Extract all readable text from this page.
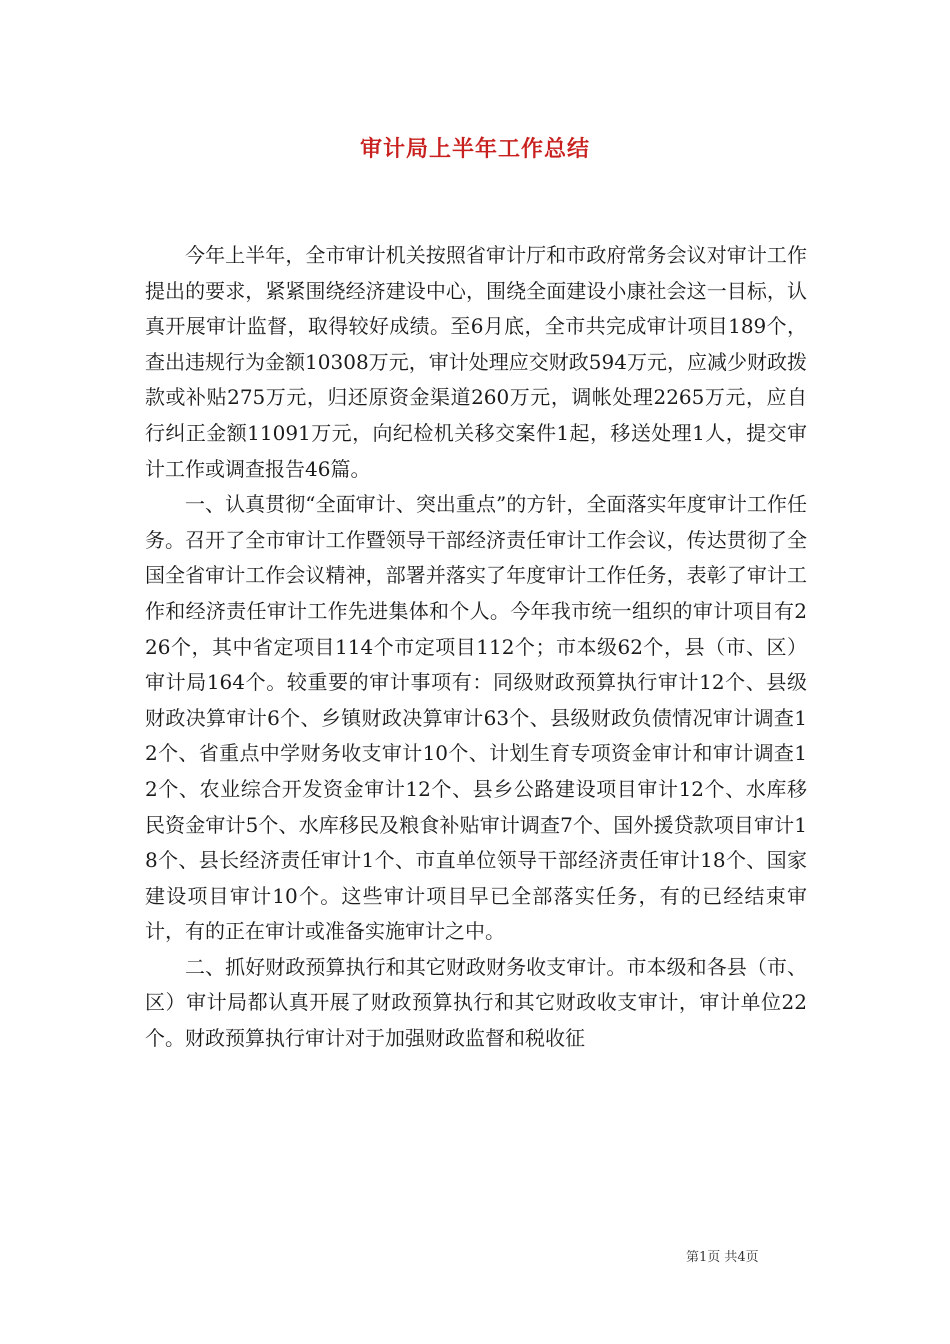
审计局上半年工作总结

今年上半年，全市审计机关按照省审计厅和市政府常务会议对审计工作提出的要求，紧紧围绕经济建设中心，围绕全面建设小康社会这一目标，认真开展审计监督，取得较好成绩。至6月底，全市共完成审计项目189个，查出违规行为金额10308万元，审计处理应交财政594万元，应减少财政拨款或补贴275万元，归还原资金渠道260万元，调帐处理2265万元，应自行纠正金额11091万元，向纪检机关移交案件1起，移送处理1人，提交审计工作或调查报告46篇。

一、认真贯彻“全面审计、突出重点”的方针，全面落实年度审计工作任务。召开了全市审计工作暨领导干部经济责任审计工作会议，传达贯彻了全国全省审计工作会议精神，部署并落实了年度审计工作任务，表彰了审计工作和经济责任审计工作先进集体和个人。今年我市统一组织的审计项目有226个，其中省定项目114个市定项目112个；市本级62个，县（市、区）审计局164个。较重要的审计事项有：同级财政预算执行审计12个、县级财政决算审计6个、乡镇财政决算审计63个、县级财政负债情况审计调查12个、省重点中学财务收支审计10个、计划生育专项资金审计和审计调查12个、农业综合开发资金审计12个、县乡公路建设项目审计12个、水库移民资金审计5个、水库移民及粮食补贴审计调查7个、国外援贷款项目审计18个、县长经济责任审计1个、市直单位领导干部经济责任审计18个、国家建设项目审计10个。这些审计项目早已全部落实任务，有的已经结束审计，有的正在审计或准备实施审计之中。

二、抓好财政预算执行和其它财政财务收支审计。市本级和各县（市、区）审计局都认真开展了财政预算执行和其它财政收支审计，审计单位22个。财政预算执行审计对于加强财政监督和税收征

第1页 共4页
